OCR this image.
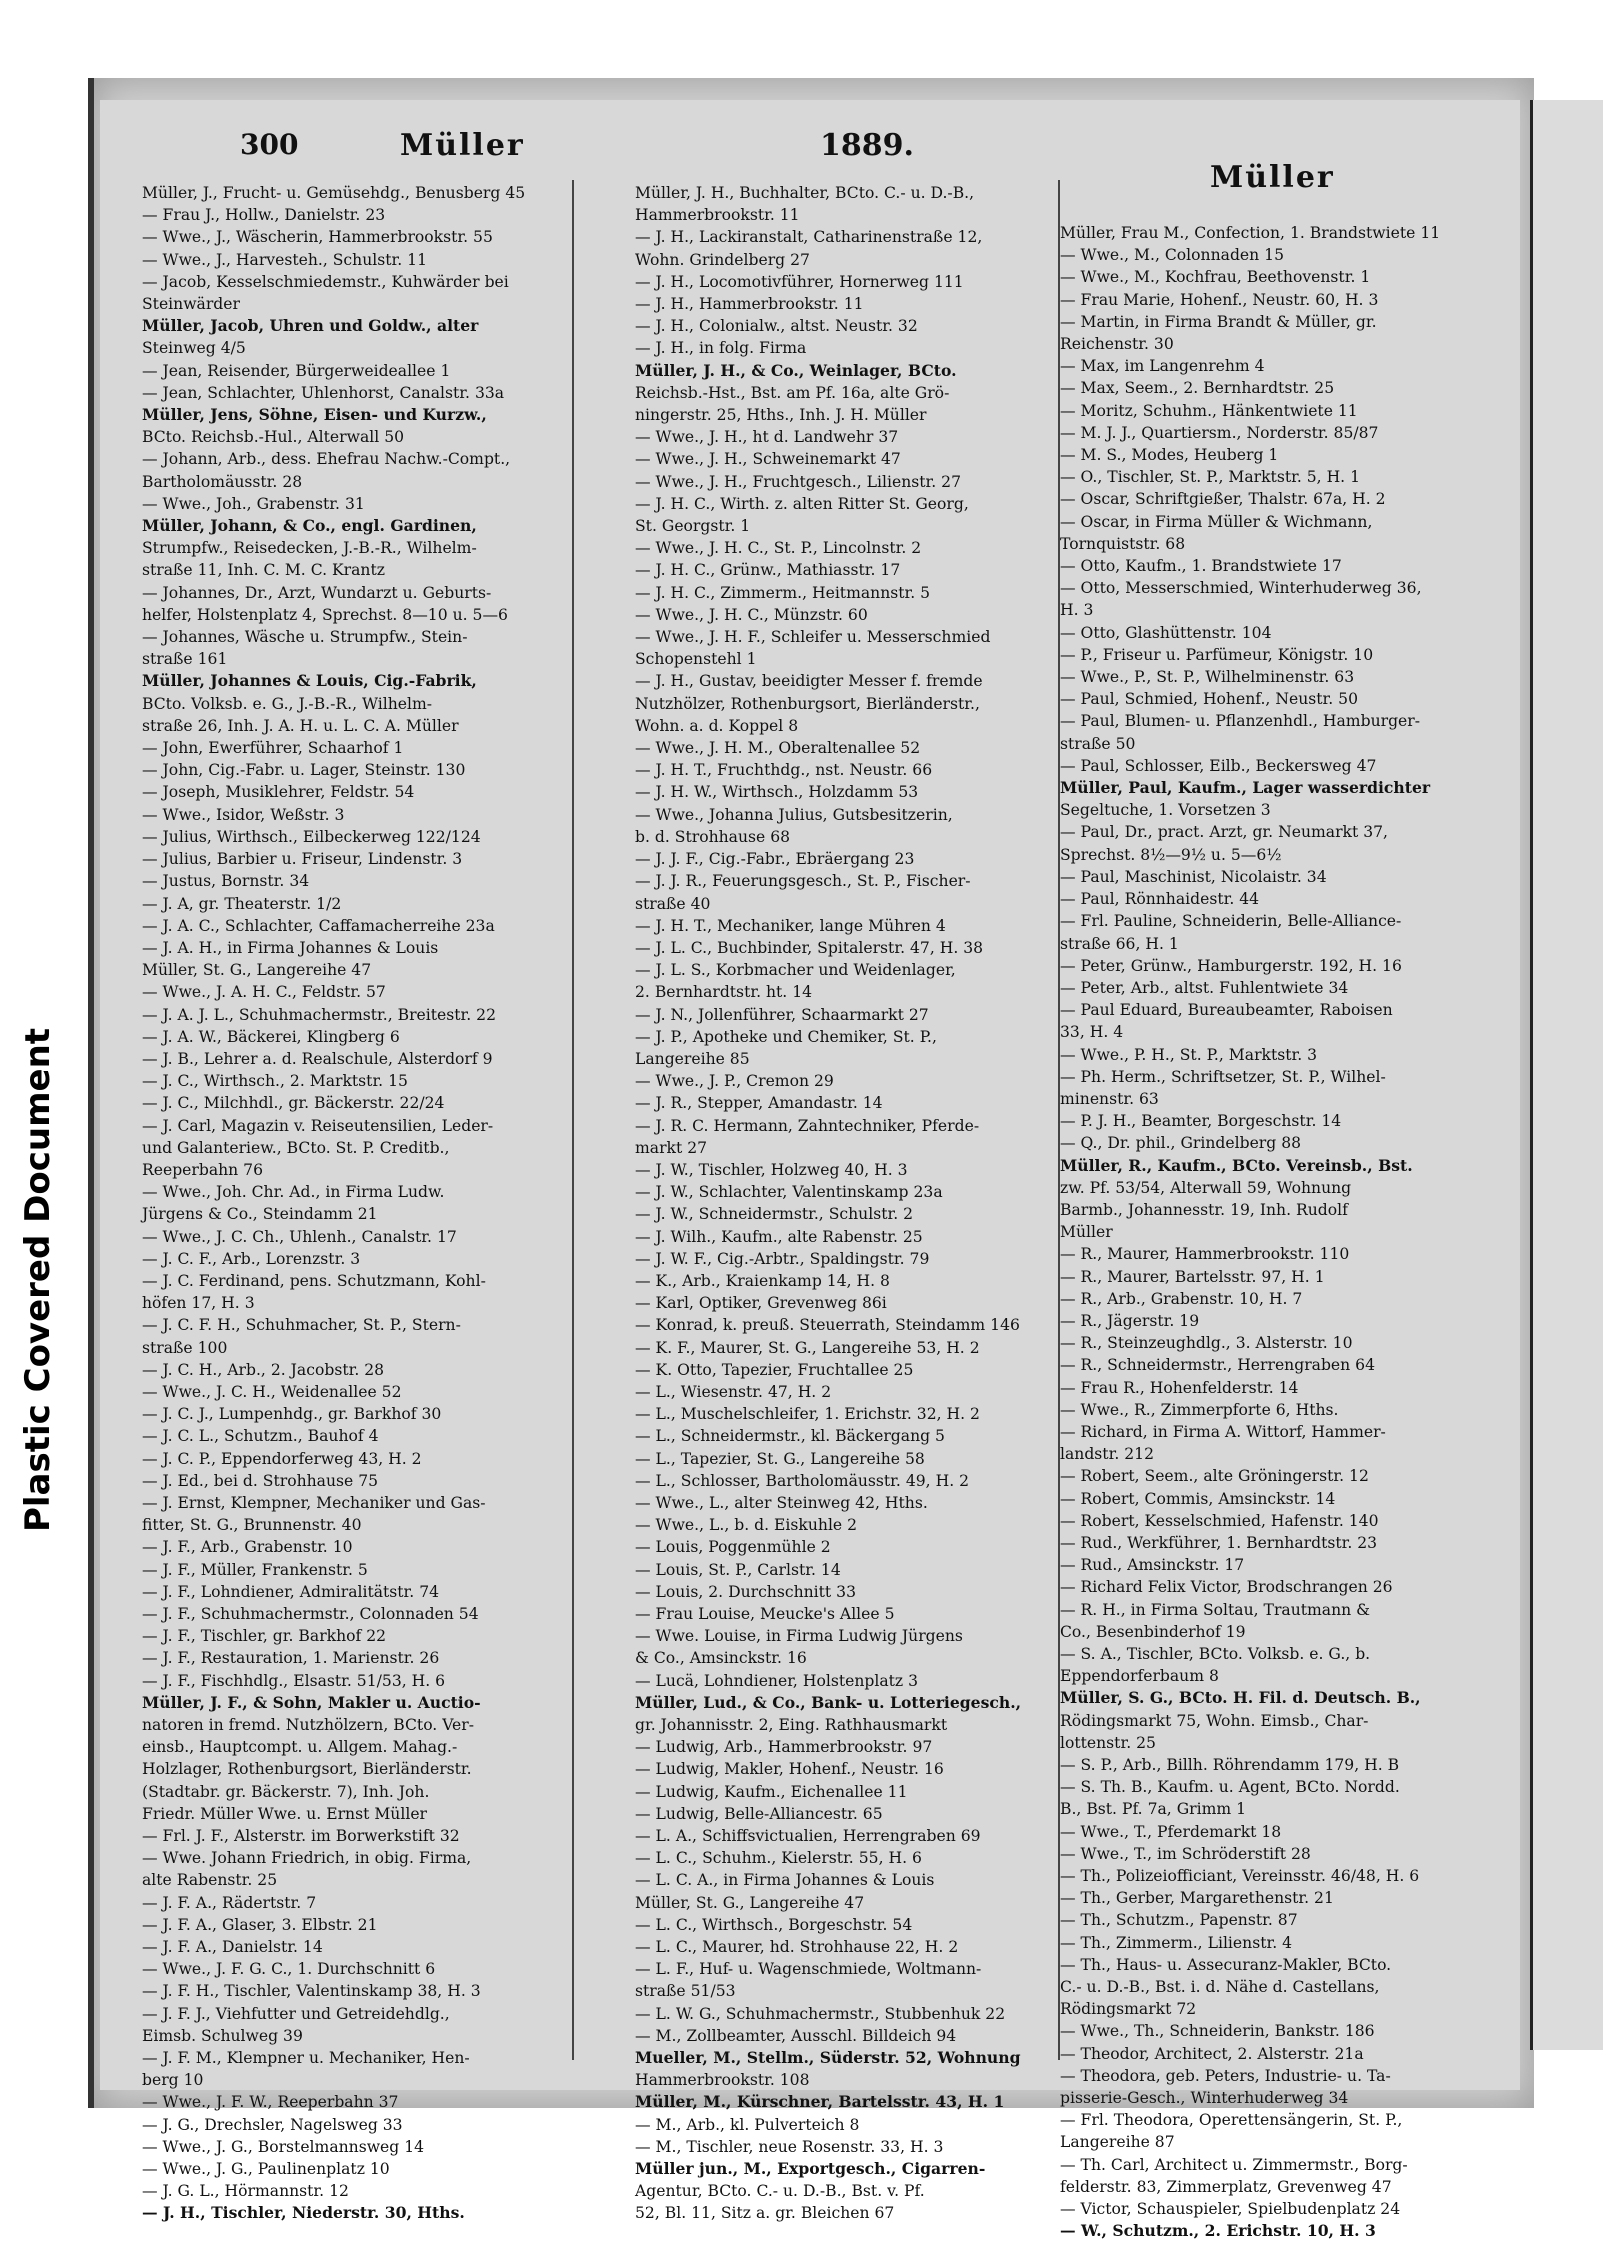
Plastic Covered Document
300	Müller	1889.
Müller

Müller, J., Frucht- u. Gemüsehdg., Benusberg 45

— Frau J., Hollw., Danielstr. 23

— Wwe., J., Wäscherin, Hammerbrookstr. 55

— Wwe., J., Harvesteh., Schulstr. 11

— Jacob, Kesselschmiedemstr., Kuhwärder bei

Steinwärder

Müller, Jacob, Uhren und Goldw., alter

Steinweg 4/5

— Jean, Reisender, Bürgerweideallee 1

— Jean, Schlachter, Uhlenhorst, Canalstr. 33a

Müller, Jens, Söhne, Eisen- und Kurzw.,

BCto. Reichsb.-Hul., Alterwall 50

— Johann, Arb., dess. Ehefrau Nachw.-Compt.,

Bartholomäusstr. 28

— Wwe., Joh., Grabenstr. 31

Müller, Johann, & Co., engl. Gardinen,

Strumpfw., Reisedecken, J.-B.-R., Wilhelm-

straße 11, Inh. C. M. C. Krantz

— Johannes, Dr., Arzt, Wundarzt u. Geburts-

helfer, Holstenplatz 4, Sprechst. 8—10 u. 5—6

— Johannes, Wäsche u. Strumpfw., Stein-

straße 161

Müller, Johannes & Louis, Cig.-Fabrik,

BCto. Volksb. e. G., J.-B.-R., Wilhelm-

straße 26, Inh. J. A. H. u. L. C. A. Müller

— John, Ewerführer, Schaarhof 1

— John, Cig.-Fabr. u. Lager, Steinstr. 130

— Joseph, Musiklehrer, Feldstr. 54

— Wwe., Isidor, Weßstr. 3

— Julius, Wirthsch., Eilbeckerweg 122/124

— Julius, Barbier u. Friseur, Lindenstr. 3

— Justus, Bornstr. 34

— J. A, gr. Theaterstr. 1/2

— J. A. C., Schlachter, Caffamacherreihe 23a

— J. A. H., in Firma Johannes & Louis

Müller, St. G., Langereihe 47

— Wwe., J. A. H. C., Feldstr. 57

— J. A. J. L., Schuhmachermstr., Breitestr. 22

— J. A. W., Bäckerei, Klingberg 6

— J. B., Lehrer a. d. Realschule, Alsterdorf 9

— J. C., Wirthsch., 2. Marktstr. 15

— J. C., Milchhdl., gr. Bäckerstr. 22/24

— J. Carl, Magazin v. Reiseutensilien, Leder-

und Galanteriew., BCto. St. P. Creditb.,

Reeperbahn 76

— Wwe., Joh. Chr. Ad., in Firma Ludw.

Jürgens & Co., Steindamm 21

— Wwe., J. C. Ch., Uhlenh., Canalstr. 17

— J. C. F., Arb., Lorenzstr. 3

— J. C. Ferdinand, pens. Schutzmann, Kohl-

höfen 17, H. 3

— J. C. F. H., Schuhmacher, St. P., Stern-

straße 100

— J. C. H., Arb., 2. Jacobstr. 28

— Wwe., J. C. H., Weidenallee 52

— J. C. J., Lumpenhdg., gr. Barkhof 30

— J. C. L., Schutzm., Bauhof 4

— J. C. P., Eppendorferweg 43, H. 2

— J. Ed., bei d. Strohhause 75

— J. Ernst, Klempner, Mechaniker und Gas-

fitter, St. G., Brunnenstr. 40

— J. F., Arb., Grabenstr. 10

— J. F., Müller, Frankenstr. 5

— J. F., Lohndiener, Admiralitätstr. 74

— J. F., Schuhmachermstr., Colonnaden 54

— J. F., Tischler, gr. Barkhof 22

— J. F., Restauration, 1. Marienstr. 26

— J. F., Fischhdlg., Elsastr. 51/53, H. 6

Müller, J. F., & Sohn, Makler u. Auctio-

natoren in fremd. Nutzhölzern, BCto. Ver-

einsb., Hauptcompt. u. Allgem. Mahag.-

Holzlager, Rothenburgsort, Bierländerstr.

(Stadtabr. gr. Bäckerstr. 7), Inh. Joh.

Friedr. Müller Wwe. u. Ernst Müller

— Frl. J. F., Alsterstr. im Borwerkstift 32

— Wwe. Johann Friedrich, in obig. Firma,

alte Rabenstr. 25

— J. F. A., Rädertstr. 7

— J. F. A., Glaser, 3. Elbstr. 21

— J. F. A., Danielstr. 14

— Wwe., J. F. G. C., 1. Durchschnitt 6

— J. F. H., Tischler, Valentinskamp 38, H. 3

— J. F. J., Viehfutter und Getreidehdlg.,

Eimsb. Schulweg 39

— J. F. M., Klempner u. Mechaniker, Hen-

berg 10

— Wwe., J. F. W., Reeperbahn 37

— J. G., Drechsler, Nagelsweg 33

— Wwe., J. G., Borstelmannsweg 14

— Wwe., J. G., Paulinenplatz 10

— J. G. L., Hörmannstr. 12

— J. H., Tischler, Niederstr. 30, Hths.

Müller, J. H., Buchhalter, BCto. C.- u. D.-B.,

Hammerbrookstr. 11

— J. H., Lackiranstalt, Catharinenstraße 12,

Wohn. Grindelberg 27

— J. H., Locomotivführer, Hornerweg 111

— J. H., Hammerbrookstr. 11

— J. H., Colonialw., altst. Neustr. 32

— J. H., in folg. Firma

Müller, J. H., & Co., Weinlager, BCto.

Reichsb.-Hst., Bst. am Pf. 16a, alte Grö-

ningerstr. 25, Hths., Inh. J. H. Müller

— Wwe., J. H., ht d. Landwehr 37

— Wwe., J. H., Schweinemarkt 47

— Wwe., J. H., Fruchtgesch., Lilienstr. 27

— J. H. C., Wirth. z. alten Ritter St. Georg,

St. Georgstr. 1

— Wwe., J. H. C., St. P., Lincolnstr. 2

— J. H. C., Grünw., Mathiasstr. 17

— J. H. C., Zimmerm., Heitmannstr. 5

— Wwe., J. H. C., Münzstr. 60

— Wwe., J. H. F., Schleifer u. Messerschmied

Schopenstehl 1

— J. H., Gustav, beeidigter Messer f. fremde

Nutzhölzer, Rothenburgsort, Bierländerstr.,

Wohn. a. d. Koppel 8

— Wwe., J. H. M., Oberaltenallee 52

— J. H. T., Fruchthdg., nst. Neustr. 66

— J. H. W., Wirthsch., Holzdamm 53

— Wwe., Johanna Julius, Gutsbesitzerin,

b. d. Strohhause 68

— J. J. F., Cig.-Fabr., Ebräergang 23

— J. J. R., Feuerungsgesch., St. P., Fischer-

straße 40

— J. H. T., Mechaniker, lange Mühren 4

— J. L. C., Buchbinder, Spitalerstr. 47, H. 38

— J. L. S., Korbmacher und Weidenlager,

2. Bernhardtstr. ht. 14

— J. N., Jollenführer, Schaarmarkt 27

— J. P., Apotheke und Chemiker, St. P.,

Langereihe 85

— Wwe., J. P., Cremon 29

— J. R., Stepper, Amandastr. 14

— J. R. C. Hermann, Zahntechniker, Pferde-

markt 27

— J. W., Tischler, Holzweg 40, H. 3

— J. W., Schlachter, Valentinskamp 23a

— J. W., Schneidermstr., Schulstr. 2

— J. Wilh., Kaufm., alte Rabenstr. 25

— J. W. F., Cig.-Arbtr., Spaldingstr. 79

— K., Arb., Kraienkamp 14, H. 8

— Karl, Optiker, Grevenweg 86i

— Konrad, k. preuß. Steuerrath, Steindamm 146

— K. F., Maurer, St. G., Langereihe 53, H. 2

— K. Otto, Tapezier, Fruchtallee 25

— L., Wiesenstr. 47, H. 2

— L., Muschelschleifer, 1. Erichstr. 32, H. 2

— L., Schneidermstr., kl. Bäckergang 5

— L., Tapezier, St. G., Langereihe 58

— L., Schlosser, Bartholomäusstr. 49, H. 2

— Wwe., L., alter Steinweg 42, Hths.

— Wwe., L., b. d. Eiskuhle 2

— Louis, Poggenmühle 2

— Louis, St. P., Carlstr. 14

— Louis, 2. Durchschnitt 33

— Frau Louise, Meucke's Allee 5

— Wwe. Louise, in Firma Ludwig Jürgens

& Co., Amsinckstr. 16

— Lucä, Lohndiener, Holstenplatz 3

Müller, Lud., & Co., Bank- u. Lotteriegesch.,

gr. Johannisstr. 2, Eing. Rathhausmarkt

— Ludwig, Arb., Hammerbrookstr. 97

— Ludwig, Makler, Hohenf., Neustr. 16

— Ludwig, Kaufm., Eichenallee 11

— Ludwig, Belle-Alliancestr. 65

— L. A., Schiffsvictualien, Herrengraben 69

— L. C., Schuhm., Kielerstr. 55, H. 6

— L. C. A., in Firma Johannes & Louis

Müller, St. G., Langereihe 47

— L. C., Wirthsch., Borgeschstr. 54

— L. C., Maurer, hd. Strohhause 22, H. 2

— L. F., Huf- u. Wagenschmiede, Woltmann-

straße 51/53

— L. W. G., Schuhmachermstr., Stubbenhuk 22

— M., Zollbeamter, Ausschl. Billdeich 94

Mueller, M., Stellm., Süderstr. 52, Wohnung

Hammerbrookstr. 108

Müller, M., Kürschner, Bartelsstr. 43, H. 1

— M., Arb., kl. Pulverteich 8

— M., Tischler, neue Rosenstr. 33, H. 3

Müller jun., M., Exportgesch., Cigarren-

Agentur, BCto. C.- u. D.-B., Bst. v. Pf.

52, Bl. 11, Sitz a. gr. Bleichen 67

Müller, Frau M., Confection, 1. Brandstwiete 11

— Wwe., M., Colonnaden 15

— Wwe., M., Kochfrau, Beethovenstr. 1

— Frau Marie, Hohenf., Neustr. 60, H. 3

— Martin, in Firma Brandt & Müller, gr.

Reichenstr. 30

— Max, im Langenrehm 4

— Max, Seem., 2. Bernhardtstr. 25

— Moritz, Schuhm., Hänkentwiete 11

— M. J. J., Quartiersm., Norderstr. 85/87

— M. S., Modes, Heuberg 1

— O., Tischler, St. P., Marktstr. 5, H. 1

— Oscar, Schriftgießer, Thalstr. 67a, H. 2

— Oscar, in Firma Müller & Wichmann,

Tornquiststr. 68

— Otto, Kaufm., 1. Brandstwiete 17

— Otto, Messerschmied, Winterhuderweg 36,

H. 3

— Otto, Glashüttenstr. 104

— P., Friseur u. Parfümeur, Königstr. 10

— Wwe., P., St. P., Wilhelminenstr. 63

— Paul, Schmied, Hohenf., Neustr. 50

— Paul, Blumen- u. Pflanzenhdl., Hamburger-

straße 50

— Paul, Schlosser, Eilb., Beckersweg 47

Müller, Paul, Kaufm., Lager wasserdichter

Segeltuche, 1. Vorsetzen 3

— Paul, Dr., pract. Arzt, gr. Neumarkt 37,

Sprechst. 8½—9½ u. 5—6½

— Paul, Maschinist, Nicolaistr. 34

— Paul, Rönnhaidestr. 44

— Frl. Pauline, Schneiderin, Belle-Alliance-

straße 66, H. 1

— Peter, Grünw., Hamburgerstr. 192, H. 16

— Peter, Arb., altst. Fuhlentwiete 34

— Paul Eduard, Bureaubeamter, Raboisen

33, H. 4

— Wwe., P. H., St. P., Marktstr. 3

— Ph. Herm., Schriftsetzer, St. P., Wilhel-

minenstr. 63

— P. J. H., Beamter, Borgeschstr. 14

— Q., Dr. phil., Grindelberg 88

Müller, R., Kaufm., BCto. Vereinsb., Bst.

zw. Pf. 53/54, Alterwall 59, Wohnung

Barmb., Johannesstr. 19, Inh. Rudolf

Müller

— R., Maurer, Hammerbrookstr. 110

— R., Maurer, Bartelsstr. 97, H. 1

— R., Arb., Grabenstr. 10, H. 7

— R., Jägerstr. 19

— R., Steinzeughdlg., 3. Alsterstr. 10

— R., Schneidermstr., Herrengraben 64

— Frau R., Hohenfelderstr. 14

— Wwe., R., Zimmerpforte 6, Hths.

— Richard, in Firma A. Wittorf, Hammer-

landstr. 212

— Robert, Seem., alte Gröningerstr. 12

— Robert, Commis, Amsinckstr. 14

— Robert, Kesselschmied, Hafenstr. 140

— Rud., Werkführer, 1. Bernhardtstr. 23

— Rud., Amsinckstr. 17

— Richard Felix Victor, Brodschrangen 26

— R. H., in Firma Soltau, Trautmann &

Co., Besenbinderhof 19

— S. A., Tischler, BCto. Volksb. e. G., b.

Eppendorferbaum 8

Müller, S. G., BCto. H. Fil. d. Deutsch. B.,

Rödingsmarkt 75, Wohn. Eimsb., Char-

lottenstr. 25

— S. P., Arb., Billh. Röhrendamm 179, H. B

— S. Th. B., Kaufm. u. Agent, BCto. Nordd.

B., Bst. Pf. 7a, Grimm 1

— Wwe., T., Pferdemarkt 18

— Wwe., T., im Schröderstift 28

— Th., Polizeiofficiant, Vereinsstr. 46/48, H. 6

— Th., Gerber, Margarethenstr. 21

— Th., Schutzm., Papenstr. 87

— Th., Zimmerm., Lilienstr. 4

— Th., Haus- u. Assecuranz-Makler, BCto.

C.- u. D.-B., Bst. i. d. Nähe d. Castellans,

Rödingsmarkt 72

— Wwe., Th., Schneiderin, Bankstr. 186

— Theodor, Architect, 2. Alsterstr. 21a

— Theodora, geb. Peters, Industrie- u. Ta-

pisserie-Gesch., Winterhuderweg 34

— Frl. Theodora, Operettensängerin, St. P.,

Langereihe 87

— Th. Carl, Architect u. Zimmermstr., Borg-

felderstr. 83, Zimmerplatz, Grevenweg 47

— Victor, Schauspieler, Spielbudenplatz 24

— W., Schutzm., 2. Erichstr. 10, H. 3
